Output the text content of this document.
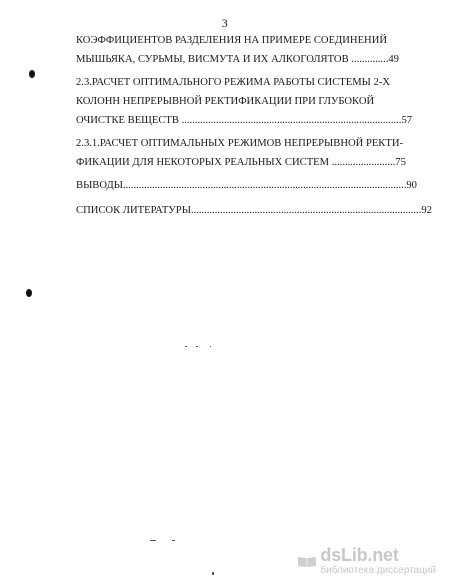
3
КОЭФФИЦИЕНТОВ РАЗДЕЛЕНИЯ НА ПРИМЕРЕ СОЕДИНЕНИЙ
МЫШЬЯКА, СУРЬМЫ, ВИСМУТА И ИХ АЛКОГОЛЯТОВ ..............49
2.3.РАСЧЕТ ОПТИМАЛЬНОГО РЕЖИМА РАБОТЫ СИСТЕМЫ 2-Х
КОЛОНН НЕПРЕРЫВНОЙ РЕКТИФИКАЦИИ ПРИ ГЛУБОКОЙ
ОЧИСТКЕ ВЕЩЕСТВ ...................................................................................57
2.3.1.РАСЧЕТ ОПТИМАЛЬНЫХ РЕЖИМОВ НЕПРЕРЫВНОЙ РЕКТИ-
ФИКАЦИИ ДЛЯ НЕКОТОРЫХ РЕАЛЬНЫХ СИСТЕМ ........................75
ВЫВОДЫ...........................................................................................................90
СПИСОК ЛИТЕРАТУРЫ.......................................................................................92
dsLib.net
библиотека диссертаций
